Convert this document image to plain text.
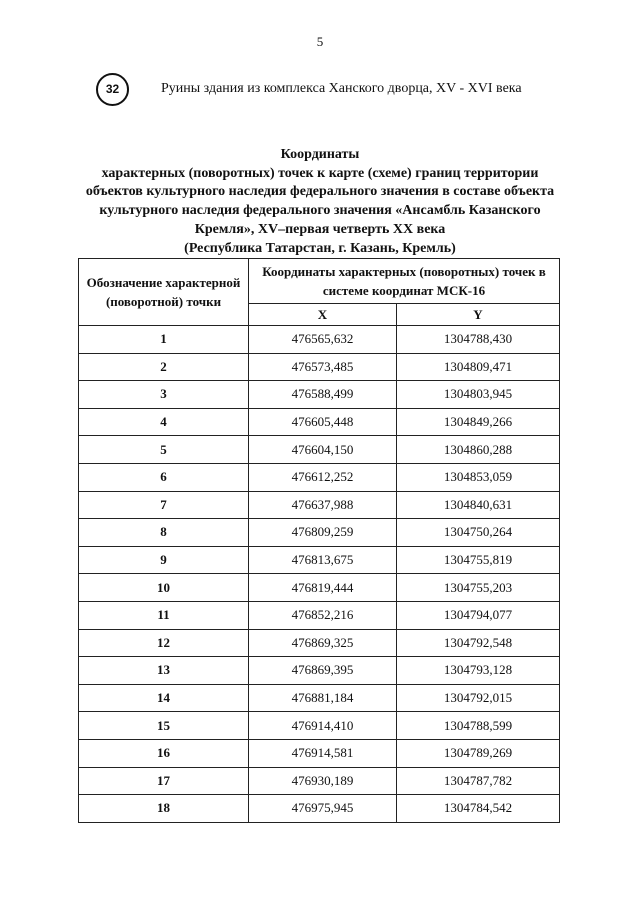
5
32	Руины здания из комплекса Ханского дворца, XV - XVI века
Координаты
характерных (поворотных) точек к карте (схеме) границ территории
объектов культурного наследия федерального значения в составе объекта
культурного наследия федерального значения «Ансамбль Казанского
Кремля», XV–первая четверть XX века
(Республика Татарстан, г. Казань, Кремль)
Обозначение характерной (поворотной) точки	Координаты характерных (поворотных) точек в системе координат МСК-16	
	X	Y
1	476565,632	1304788,430
2	476573,485	1304809,471
3	476588,499	1304803,945
4	476605,448	1304849,266
5	476604,150	1304860,288
6	476612,252	1304853,059
7	476637,988	1304840,631
8	476809,259	1304750,264
9	476813,675	1304755,819
10	476819,444	1304755,203
11	476852,216	1304794,077
12	476869,325	1304792,548
13	476869,395	1304793,128
14	476881,184	1304792,015
15	476914,410	1304788,599
16	476914,581	1304789,269
17	476930,189	1304787,782
18	476975,945	1304784,542
